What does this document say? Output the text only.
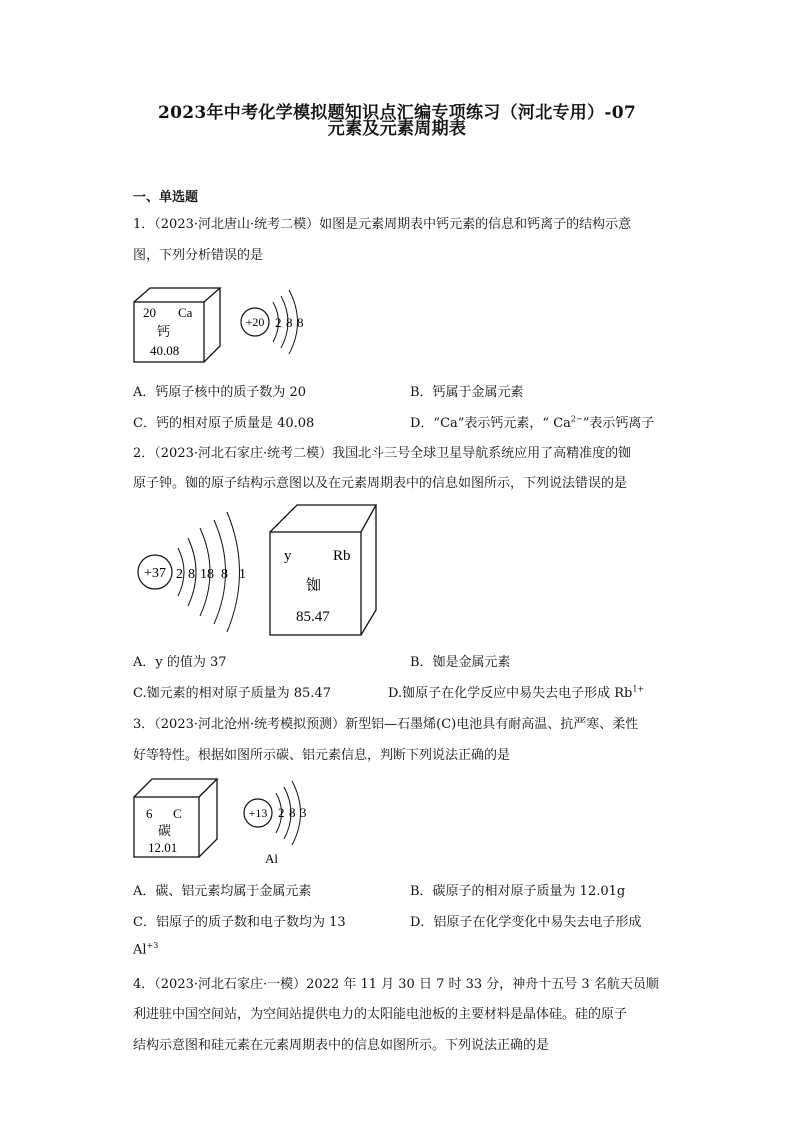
2023年中考化学模拟题知识点汇编专项练习（河北专用）-07
元素及元素周期表
一、单选题
1．（2023·河北唐山·统考二模）如图是元素周期表中钙元素的信息和钙离子的结构示意
图，下列分析错误的是
20 Ca
钙
40.08
+20 2 8 8
A．钙原子核中的质子数为 20	B．钙属于金属元素
C．钙的相对原子质量是 40.08	D．“Ca”表示钙元素，“ $Ca^{2-}$”表示钙离子
2．（2023·河北石家庄·统考二模）我国北斗三号全球卫星导航系统应用了高精准度的铷
原子钟。铷的原子结构示意图以及在元素周期表中的信息如图所示，下列说法错误的是
+37 2 8 18 8 1
y	Rb
铷
85.47
A．y 的值为 37	B．铷是金属元素
C.铷元素的相对原子质量为 85.47	D.铷原子在化学反应中易失去电子形成 $Rb^{1+}$
3．（2023·河北沧州·统考模拟预测）新型铝—石墨烯(C)电池具有耐高温、抗严寒、柔性
好等特性。根据如图所示碳、铝元素信息，判断下列说法正确的是
6 C
碳
12.01
+13 2 8 3
Al
A．碳、铝元素均属于金属元素	B．碳原子的相对原子质量为 12.01g
C．铝原子的质子数和电子数均为 13	D．铝原子在化学变化中易失去电子形成
$Al^{+3}$
4．（2023·河北石家庄·一模）2022 年 11 月 30 日 7 时 33 分，神舟十五号 3 名航天员顺
利进驻中国空间站，为空间站提供电力的太阳能电池板的主要材料是晶体硅。硅的原子
结构示意图和硅元素在元素周期表中的信息如图所示。下列说法正确的是
